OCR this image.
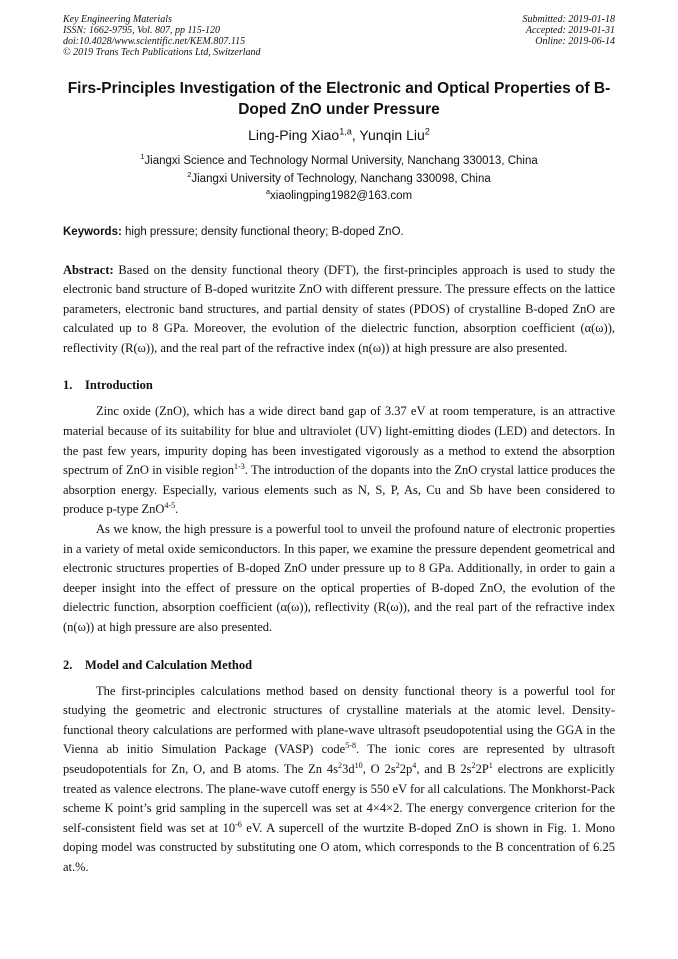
Key Engineering Materials
ISSN: 1662-9795, Vol. 807, pp 115-120
doi:10.4028/www.scientific.net/KEM.807.115
© 2019 Trans Tech Publications Ltd, Switzerland
Submitted: 2019-01-18
Accepted: 2019-01-31
Online: 2019-06-14
Firs-Principles Investigation of the Electronic and Optical Properties of B-Doped ZnO under Pressure
Ling-Ping Xiao$^{1,a}$, Yunqin Liu$^2$
$^1$Jiangxi Science and Technology Normal University, Nanchang 330013, China
$^2$Jiangxi University of Technology, Nanchang 330098, China
$^a$xiaolingping1982@163.com

Keywords: high pressure; density functional theory; B-doped ZnO.

Abstract: Based on the density functional theory (DFT), the first-principles approach is used to study the electronic band structure of B-doped wuritzite ZnO with different pressure. The pressure effects on the lattice parameters, electronic band structures, and partial density of states (PDOS) of crystalline B-doped ZnO are calculated up to 8 GPa. Moreover, the evolution of the dielectric function, absorption coefficient (α(ω)), reflectivity (R(ω)), and the real part of the refractive index (n(ω)) at high pressure are also presented.

1. Introduction

Zinc oxide (ZnO), which has a wide direct band gap of 3.37 eV at room temperature, is an attractive material because of its suitability for blue and ultraviolet (UV) light-emitting diodes (LED) and detectors. In the past few years, impurity doping has been investigated vigorously as a method to extend the absorption spectrum of ZnO in visible region$^{1-3}$. The introduction of the dopants into the ZnO crystal lattice produces the absorption energy. Especially, various elements such as N, S, P, As, Cu and Sb have been considered to produce p-type ZnO$^{4-5}$.

As we know, the high pressure is a powerful tool to unveil the profound nature of electronic properties in a variety of metal oxide semiconductors. In this paper, we examine the pressure dependent geometrical and electronic structures properties of B-doped ZnO under pressure up to 8 GPa. Additionally, in order to gain a deeper insight into the effect of pressure on the optical properties of B-doped ZnO, the evolution of the dielectric function, absorption coefficient (α(ω)), reflectivity (R(ω)), and the real part of the refractive index (n(ω)) at high pressure are also presented.

2. Model and Calculation Method

The first-principles calculations method based on density functional theory is a powerful tool for studying the geometric and electronic structures of crystalline materials at the atomic level. Density-functional theory calculations are performed with plane-wave ultrasoft pseudopotential using the GGA in the Vienna ab initio Simulation Package (VASP) code$^{5-8}$. The ionic cores are represented by ultrasoft pseudopotentials for Zn, O, and B atoms. The Zn $4s^23d^{10}$, O $2s^22p^4$, and B $2s^22P^1$ electrons are explicitly treated as valence electrons. The plane-wave cutoff energy is 550 eV for all calculations. The Monkhorst-Pack scheme K point’s grid sampling in the supercell was set at 4×4×2. The energy convergence criterion for the self-consistent field was set at $10^{-6}$ eV. A supercell of the wurtzite B-doped ZnO is shown in Fig. 1. Mono doping model was constructed by substituting one O atom, which corresponds to the B concentration of 6.25 at.%.
